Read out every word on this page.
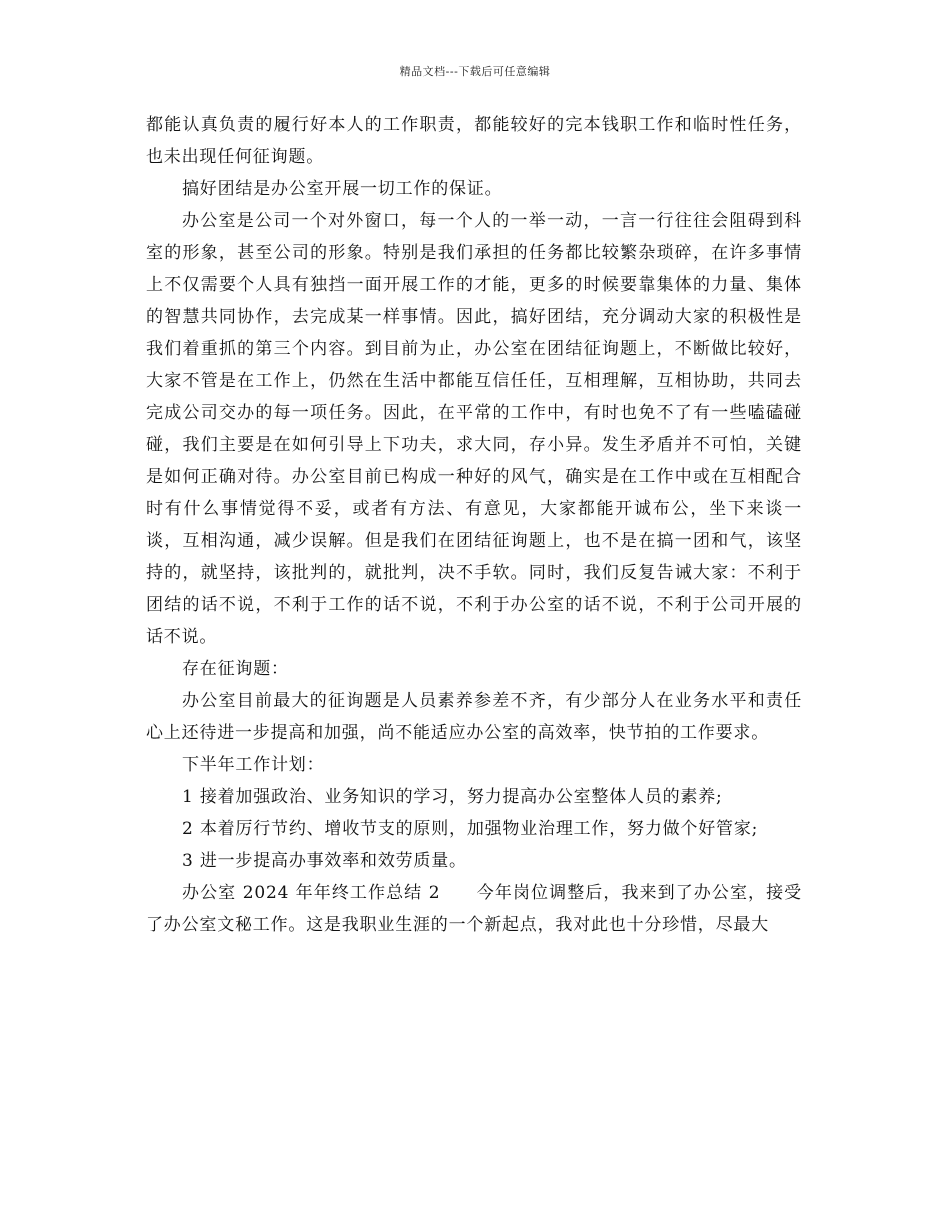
精品文档---下载后可任意编辑

都能认真负责的履行好本人的工作职责，都能较好的完本钱职工作和临时性任务，也未出现任何征询题。

搞好团结是办公室开展一切工作的保证。

办公室是公司一个对外窗口，每一个人的一举一动，一言一行往往会阻碍到科室的形象，甚至公司的形象。特别是我们承担的任务都比较繁杂琐碎，在许多事情上不仅需要个人具有独挡一面开展工作的才能，更多的时候要靠集体的力量、集体的智慧共同协作，去完成某一样事情。因此，搞好团结，充分调动大家的积极性是我们着重抓的第三个内容。到目前为止，办公室在团结征询题上，不断做比较好，大家不管是在工作上，仍然在生活中都能互信任任，互相理解，互相协助，共同去完成公司交办的每一项任务。因此，在平常的工作中，有时也免不了有一些嗑磕碰碰，我们主要是在如何引导上下功夫，求大同，存小异。发生矛盾并不可怕，关键是如何正确对待。办公室目前已构成一种好的风气，确实是在工作中或在互相配合时有什么事情觉得不妥，或者有方法、有意见，大家都能开诚布公，坐下来谈一谈，互相沟通，减少误解。但是我们在团结征询题上，也不是在搞一团和气，该坚持的，就坚持，该批判的，就批判，决不手软。同时，我们反复告诫大家：不利于团结的话不说，不利于工作的话不说，不利于办公室的话不说，不利于公司开展的话不说。

存在征询题：

办公室目前最大的征询题是人员素养参差不齐，有少部分人在业务水平和责任心上还待进一步提高和加强，尚不能适应办公室的高效率，快节拍的工作要求。

下半年工作计划：

1 接着加强政治、业务知识的学习，努力提高办公室整体人员的素养;

2 本着厉行节约、增收节支的原则，加强物业治理工作，努力做个好管家;

3 进一步提高办事效率和效劳质量。

办公室 2024 年年终工作总结 2　　今年岗位调整后，我来到了办公室，接受了办公室文秘工作。这是我职业生涯的一个新起点，我对此也十分珍惜，尽最大
